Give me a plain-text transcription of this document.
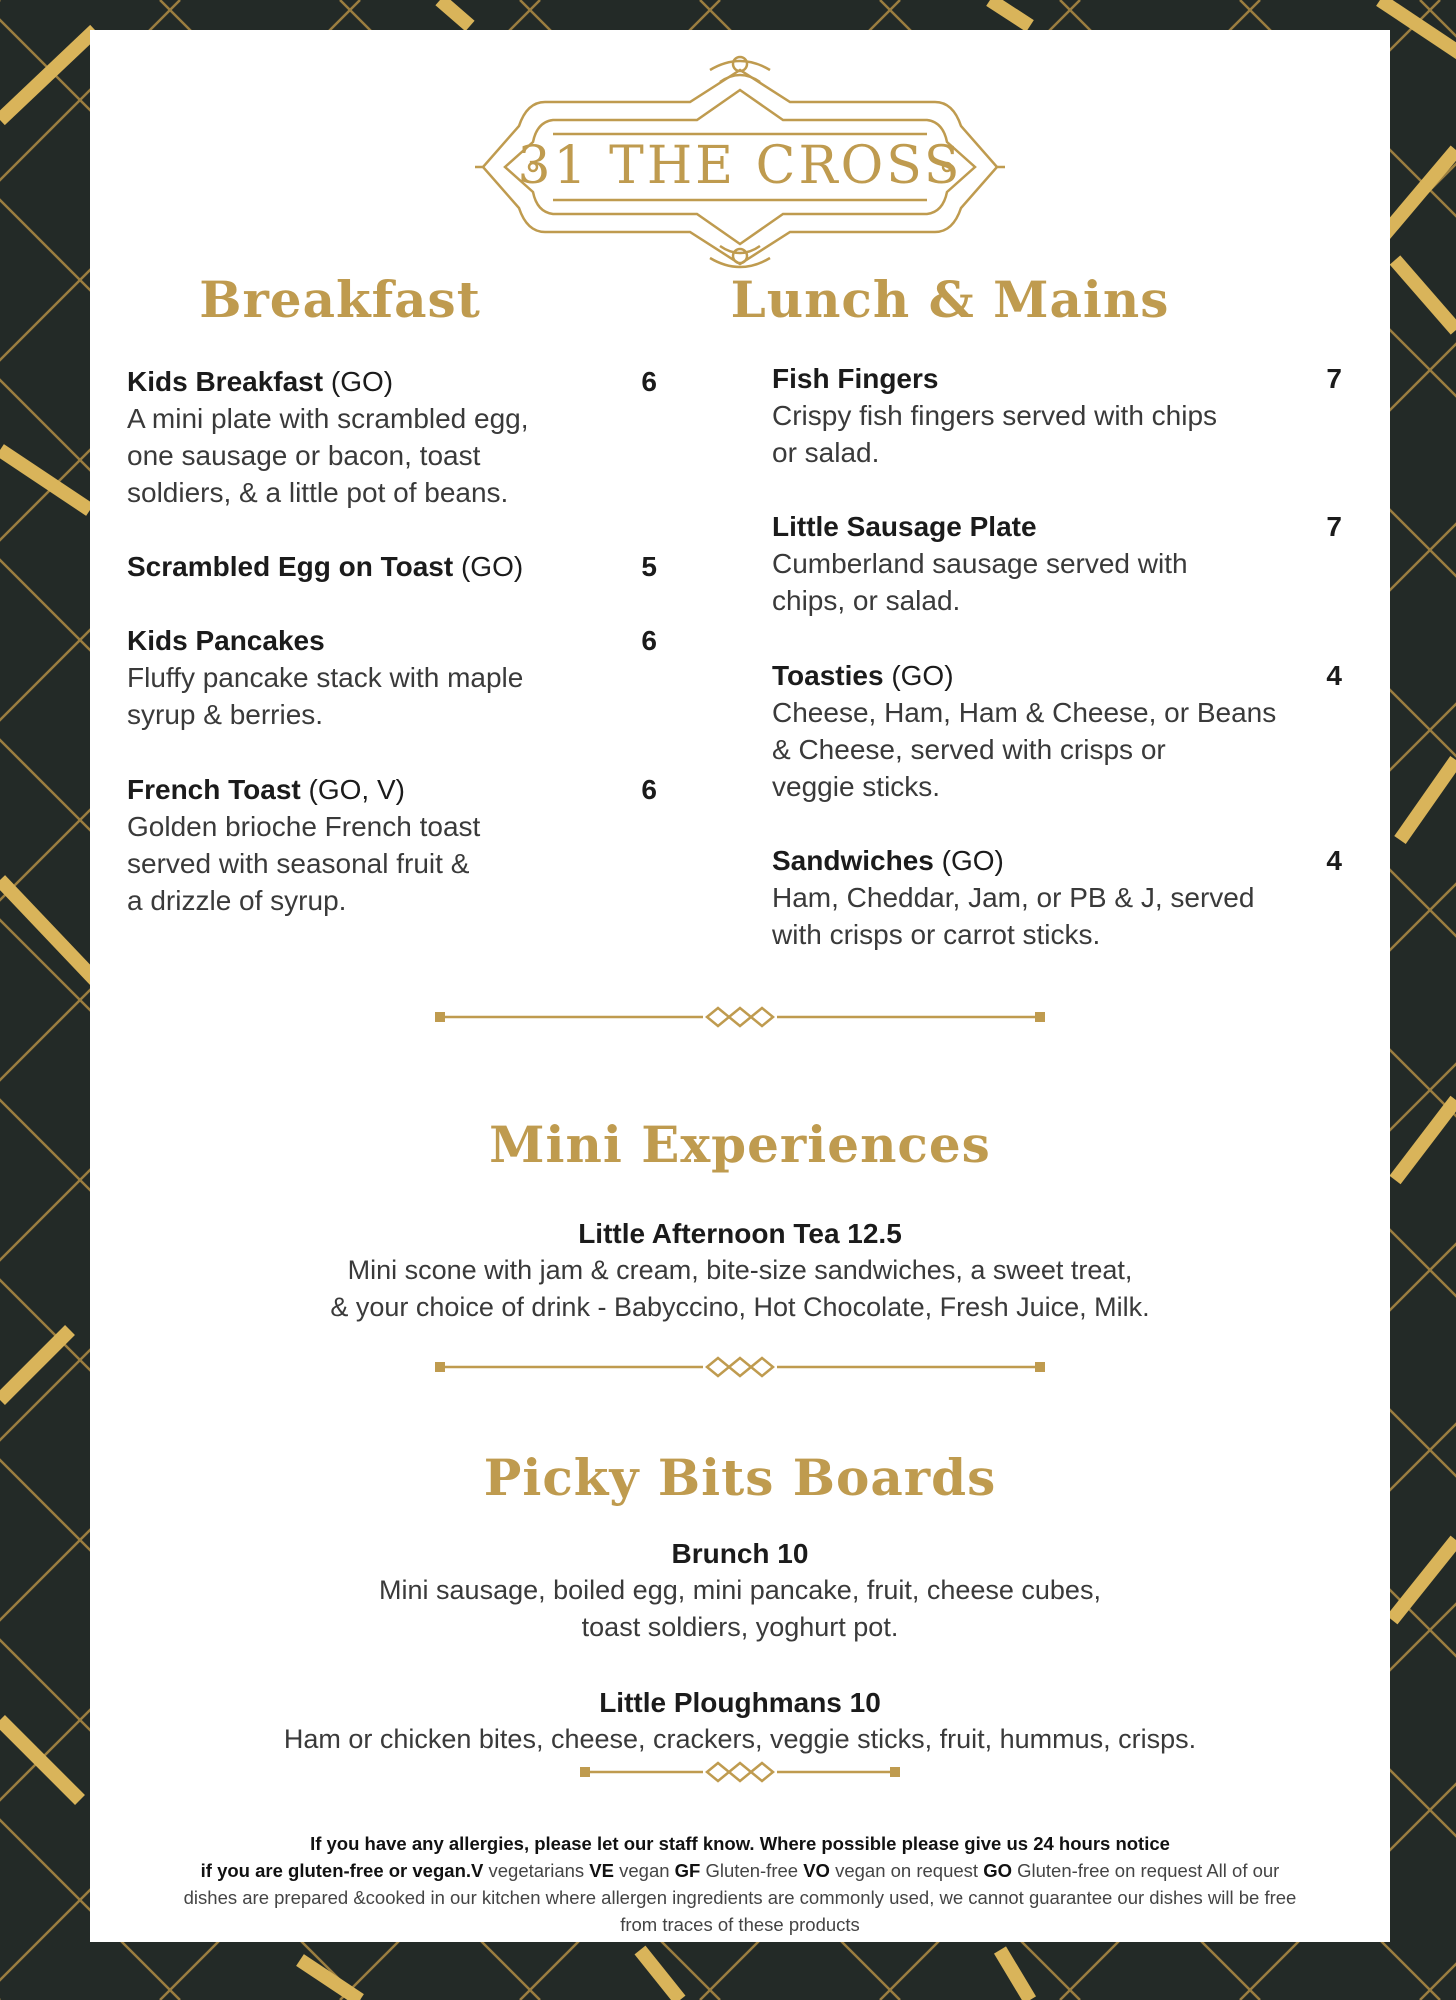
31 THE CROSS
Breakfast
Kids Breakfast (GO)	6

A mini plate with scrambled egg,

one sausage or bacon, toast

soldiers, & a little pot of beans.

Scrambled Egg on Toast (GO)	5
Kids Pancakes	6

Fluffy pancake stack with maple

syrup & berries.

French Toast (GO, V)	6

Golden brioche French toast

served with seasonal fruit &

a drizzle of syrup.

Lunch & Mains
Fish Fingers	7

Crispy fish fingers served with chips

or salad.

Little Sausage Plate	7

Cumberland sausage served with

chips, or salad.

Toasties (GO)	4

Cheese, Ham, Ham & Cheese, or Beans

& Cheese, served with crisps or

veggie sticks.

Sandwiches (GO)	4

Ham, Cheddar, Jam, or PB & J, served

with crisps or carrot sticks.

Mini Experiences
Little Afternoon Tea 12.5
Mini scone with jam & cream, bite-size sandwiches, a sweet treat,
& your choice of drink - Babyccino, Hot Chocolate, Fresh Juice, Milk.
Picky Bits Boards
Brunch 10
Mini sausage, boiled egg, mini pancake, fruit, cheese cubes,
toast soldiers, yoghurt pot.
Little Ploughmans 10
Ham or chicken bites, cheese, crackers, veggie sticks, fruit, hummus, crisps.
If you have any allergies, please let our staff know. Where possible please give us 24 hours notice
if you are gluten-free or vegan.V vegetarians VE vegan GF Gluten-free VO vegan on request GO Gluten-free on request All of our
dishes are prepared &cooked in our kitchen where allergen ingredients are commonly used, we cannot guarantee our dishes will be free
from traces of these products
